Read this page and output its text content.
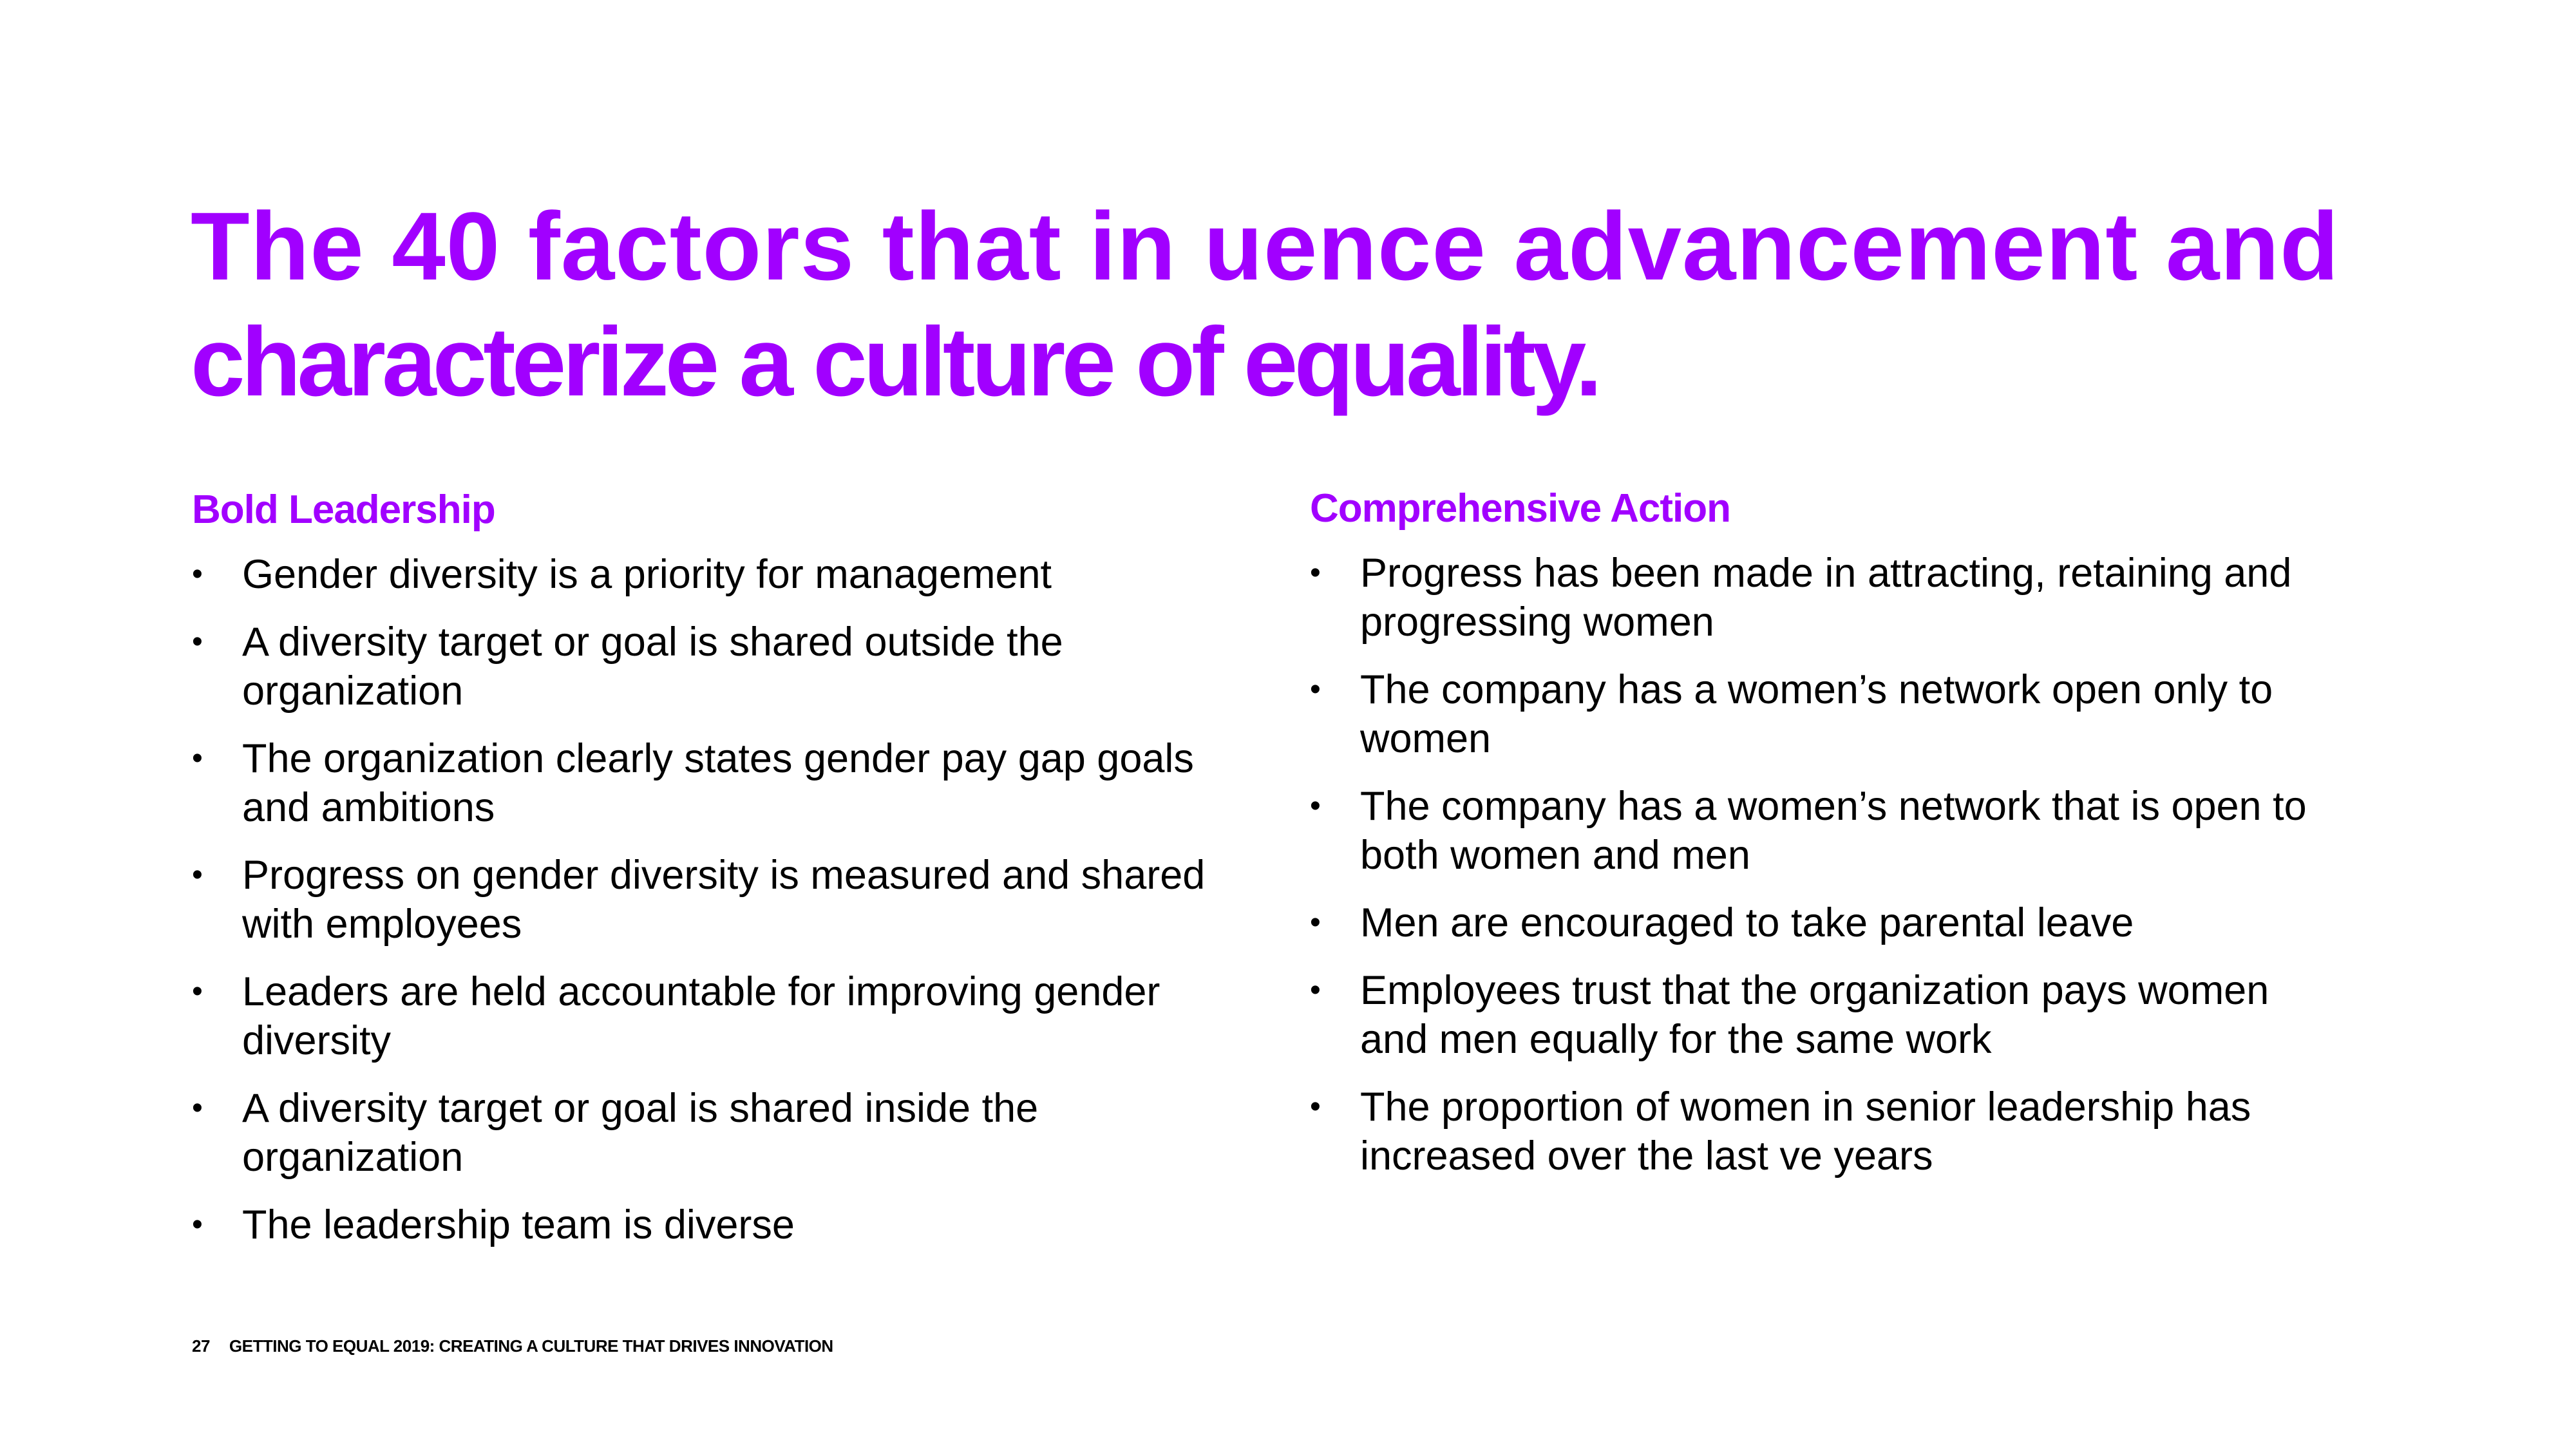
The 40 factors that in uence advancement and
characterize a culture of equality.
Bold Leadership
• Gender diversity is a priority for management
• A diversity target or goal is shared outside the organization
• The organization clearly states gender pay gap goals and ambitions
• Progress on gender diversity is measured and shared with employees
• Leaders are held accountable for improving gender diversity
• A diversity target or goal is shared inside the organization
• The leadership team is diverse
Comprehensive Action
• Progress has been made in attracting, retaining and progressing women
• The company has a women’s network open only to women
• The company has a women’s network that is open to both women and men
• Men are encouraged to take parental leave
• Employees trust that the organization pays women and men equally for the same work
• The proportion of women in senior leadership has increased over the last ve years
27 GETTING TO EQUAL 2019: CREATING A CULTURE THAT DRIVES INNOVATION
